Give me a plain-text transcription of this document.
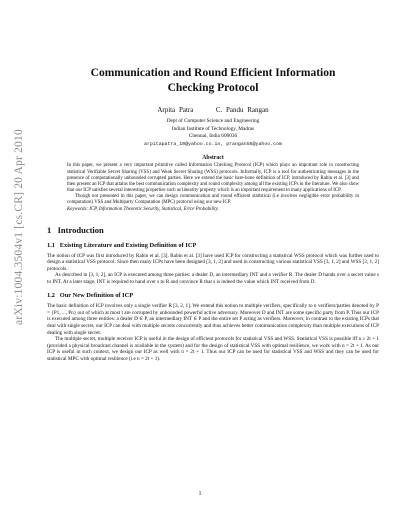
arXiv:1004.3504v1 [cs.CR] 20 Apr 2010
Communication and Round Efficient Information
Checking Protocol
Arpita Patra      C. Pandu Rangan
Dept of Computer Science and Engineering
Indian Institute of Technology, Madras
Chennai, India 600036
arpitapatra_10@yahoo.co.in, prangan55@yahoo.com
Abstract

In this paper, we present a very important primitive called Information Checking Protocol (ICP) which plays an important role in constructing statistical Verifiable Secret Sharing (VSS) and Weak Secret Sharing (WSS) protocols. Informally, ICP is a tool for authenticating messages in the presence of computationally unbounded corrupted parties. Here we extend the basic bare-bone definition of ICP, introduced by Rabin et al. [3] and then present an ICP that attains the best communication complexity and round complexity among all the existing ICPs in the literature. We also show that our ICP satisfies several interesting properties such as linearity property which is an important requirement in many applications of ICP.

Though not presented in this paper, we can design communication and round efficient statistical (i.e involves negligible error probability in computation) VSS and Multiparty Computation (MPC) protocol using our new ICP.

Keywords: ICP, Information Theoretic Security, Statistical, Error Probability.
1   Introduction
1.1   Existing Literature and Existing Definition of ICP

The notion of ICP was first introduced by Rabin et al. [3]. Rabin et al. [3] have used ICP for constructing a statistical WSS protocol which was further used to design a statistical VSS protocol. Since then many ICPs have been designed [3, 1, 2] and used in constructing various statistical VSS [3, 1, 2] and WSS [3, 1, 2] protocols.

As described in [3, 1, 2], an ICP is executed among three parties: a dealer D, an intermediary INT and a verifier R. The dealer D hands over a secret value s to INT. At a later stage, INT is required to hand over s to R and convince R that s is indeed the value which INT received from D.

1.2   Our New Definition of ICP

The basic definition of ICP involves only a single verifier R [3, 2, 1]. We extend this notion to multiple verifiers, specifically to n verifiers/parties denoted by P = {P1, ..., Pn} out of which at most t are corrupted by unbounded powerful active adversary. Moreover D and INT are some specific party from P. Thus our ICP is executed among three entities: a dealer D ∈ P, an intermediary INT ∈ P and the entire set P acting as verifiers. Moreover, in contrast to the existing ICPs that deal with single secret, our ICP can deal with multiple secrets concurrently and thus achieves better communication complexity than multiple executions of ICP dealing with single secret.

The multiple secret, multiple receiver ICP is useful in the design of efficient protocols for statistical VSS and WSS. Statistical VSS is possible iff n ≥ 2t + 1 (provided a physical broadcast channel is available in the system) and for the design of statistical VSS with optimal resilience, we work with n = 2t + 1. As our ICP is useful in such context, we design our ICP as well with n = 2t + 1. Thus our ICP can be used for statistical VSS and WSS and they can be used for statistical MPC with optimal resilience (i.e n = 2t + 1).

1
